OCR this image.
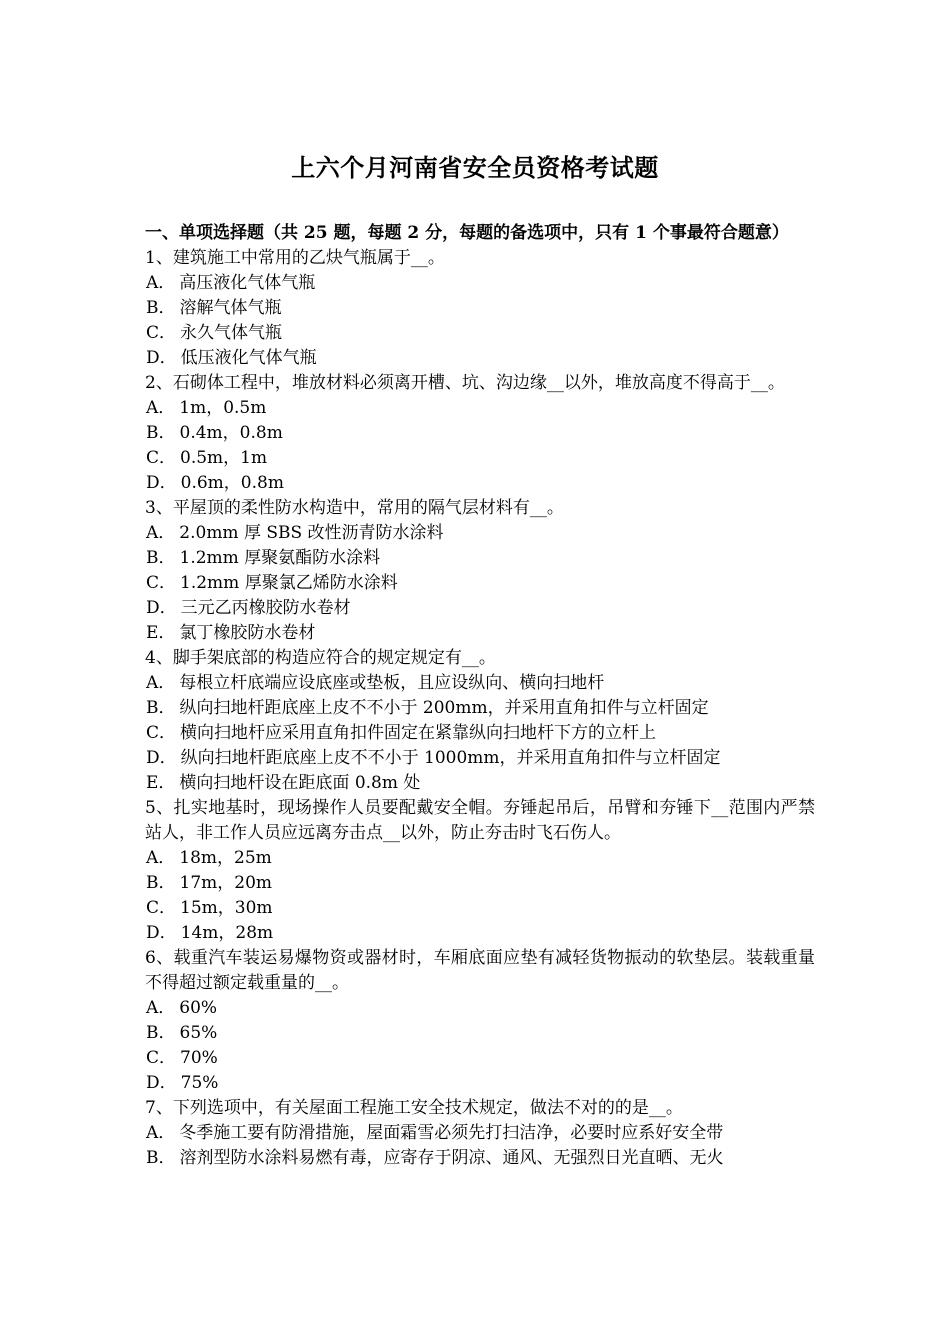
上六个月河南省安全员资格考试题

一、单项选择题（共 25 题，每题 2 分，每题的备选项中，只有 1 个事最符合题意）

1、建筑施工中常用的乙炔气瓶属于__。

A． 高压液化气体气瓶
B． 溶解气体气瓶
C． 永久气体气瓶
D． 低压液化气体气瓶

2、石砌体工程中，堆放材料必须离开槽、坑、沟边缘__以外，堆放高度不得高于__。

A． 1m，0.5m
B． 0.4m，0.8m
C． 0.5m，1m
D． 0.6m，0.8m

3、平屋顶的柔性防水构造中，常用的隔气层材料有__。

A． 2.0mm 厚 SBS 改性沥青防水涂料
B． 1.2mm 厚聚氨酯防水涂料
C． 1.2mm 厚聚氯乙烯防水涂料
D． 三元乙丙橡胶防水卷材
E． 氯丁橡胶防水卷材

4、脚手架底部的构造应符合的规定规定有__。

A． 每根立杆底端应设底座或垫板，且应设纵向、横向扫地杆
B． 纵向扫地杆距底座上皮不不小于 200mm，并采用直角扣件与立杆固定
C． 横向扫地杆应采用直角扣件固定在紧靠纵向扫地杆下方的立杆上
D． 纵向扫地杆距底座上皮不不小于 1000mm，并采用直角扣件与立杆固定
E． 横向扫地杆设在距底面 0.8m 处

5、扎实地基时，现场操作人员要配戴安全帽。夯锤起吊后，吊臂和夯锤下__范围内严禁站人，非工作人员应远离夯击点__以外，防止夯击时飞石伤人。

A． 18m，25m
B． 17m，20m
C． 15m，30m
D． 14m，28m

6、载重汽车装运易爆物资或器材时，车厢底面应垫有减轻货物振动的软垫层。装载重量不得超过额定载重量的__。

A． 60%
B． 65%
C． 70%
D． 75%

7、下列选项中，有关屋面工程施工安全技术规定，做法不对的的是__。

A． 冬季施工要有防滑措施，屋面霜雪必须先打扫洁净，必要时应系好安全带
B． 溶剂型防水涂料易燃有毒，应寄存于阴凉、通风、无强烈日光直晒、无火
